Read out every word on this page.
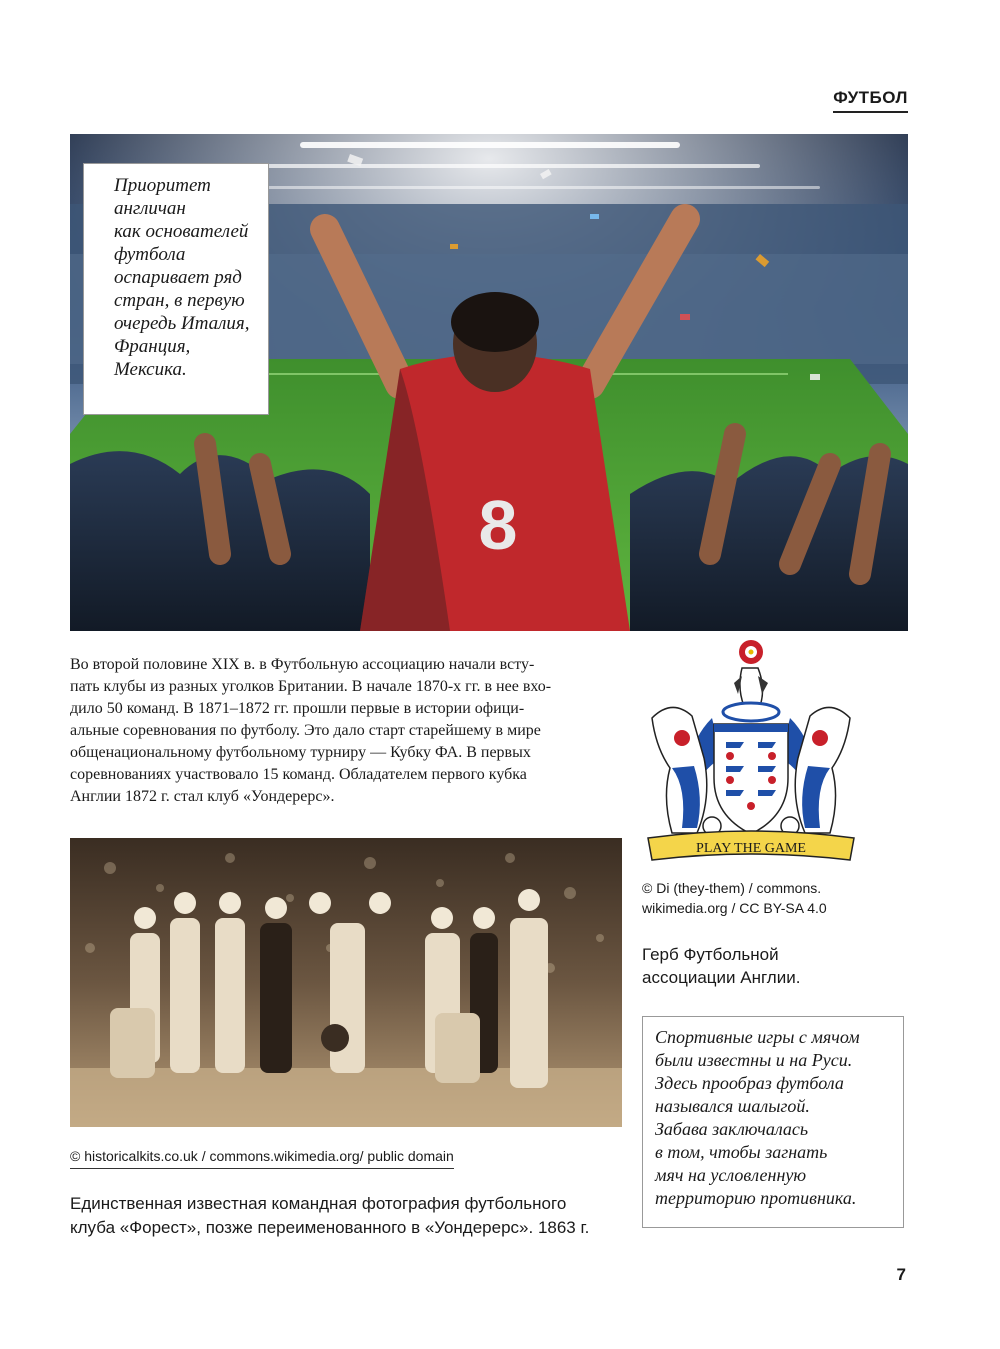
ФУТБОЛ
8
Приоритет
англичан
как основателей
футбола
оспаривает ряд
стран, в первую
очередь Италия,
Франция,
Мексика.
Во второй половине XIX в. в Футбольную ассоциацию начали всту-
пать клубы из разных уголков Британии. В начале 1870-х гг. в нее вхо-
дило 50 команд. В 1871–1872 гг. прошли первые в истории офици-
альные соревнования по футболу. Это дало старт старейшему в мире
общенациональному футбольному турниру — Кубку ФА. В первых
соревнованиях участвовало 15 команд. Обладателем первого кубка
Англии 1872 г. стал клуб «Уондерерс».
PLAY THE GAME
© Di (they-them) / commons.
wikimedia.org / CC BY-SA 4.0
Герб Футбольной
ассоциации Англии.
© historicalkits.co.uk / commons.wikimedia.org/ public domain
Единственная известная командная фотография футбольного
клуба «Форест», позже переименованного в «Уондерерс». 1863 г.
Спортивные игры с мячом
были известны и на Руси.
Здесь прообраз футбола
назывался шалыгой.
Забава заключалась
в том, чтобы загнать
мяч на условленную
территорию противника.
7
